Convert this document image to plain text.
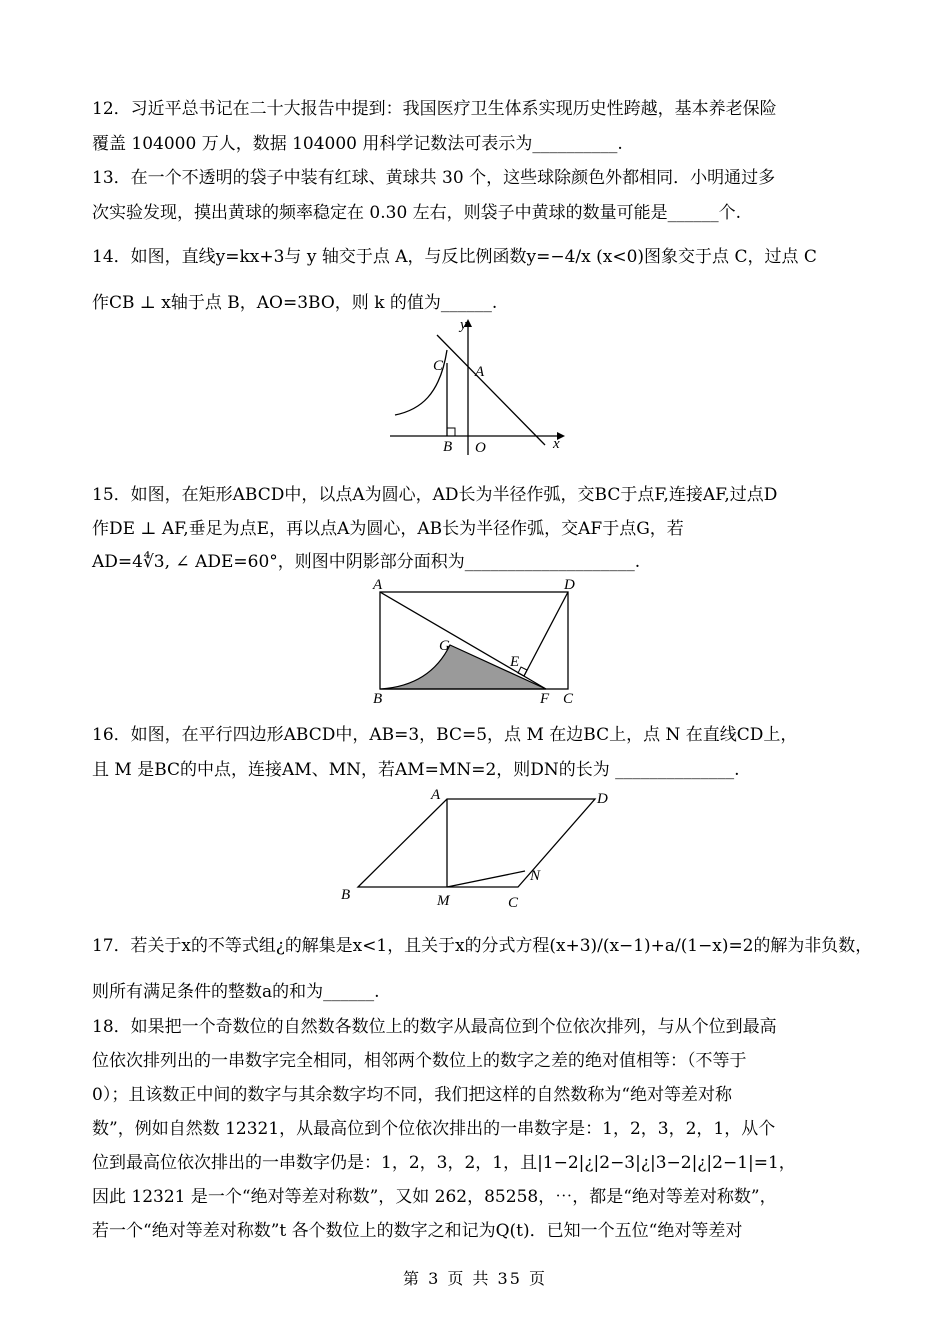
12．习近平总书记在二十大报告中提到：我国医疗卫生体系实现历史性跨越，基本养老保险
覆盖 104000 万人，数据 104000 用科学记数法可表示为__________.
13．在一个不透明的袋子中装有红球、黄球共 30 个，这些球除颜色外都相同．小明通过多
次实验发现，摸出黄球的频率稳定在 0.30 左右，则袋子中黄球的数量可能是______个.
14．如图，直线y=kx+3与 y 轴交于点 A，与反比例函数y=−4/x (x<0)图象交于点 C，过点 C
作CB ⊥ x轴于点 B，AO=3BO，则 k 的值为______.
y
x
C A
B O
15．如图，在矩形ABCD中，以点A为圆心，AD长为半径作弧，交BC于点F,连接AF,过点D
作DE ⊥ AF,垂足为点E，再以点A为圆心，AB长为半径作弧，交AF于点G，若
AD=4∜3, ∠ ADE=60°，则图中阴影部分面积为____________________.
A	D
G
E
B	F C
16．如图，在平行四边形ABCD中，AB=3，BC=5，点 M 在边BC上，点 N 在直线CD上，
且 M 是BC的中点，连接AM、MN，若AM=MN=2，则DN的长为 ______________.
A	D
B	M	C
N
17．若关于x的不等式组¿的解集是x<1，且关于x的分式方程(x+3)/(x−1)+a/(1−x)=2的解为非负数，
则所有满足条件的整数a的和为______.
18．如果把一个奇数位的自然数各数位上的数字从最高位到个位依次排列，与从个位到最高
位依次排列出的一串数字完全相同，相邻两个数位上的数字之差的绝对值相等：（不等于
0）；且该数正中间的数字与其余数字均不同，我们把这样的自然数称为“绝对等差对称
数”，例如自然数 12321，从最高位到个位依次排出的一串数字是：1，2，3，2，1，从个
位到最高位依次排出的一串数字仍是：1，2，3，2，1，且|1−2|¿|2−3|¿|3−2|¿|2−1|=1，
因此 12321 是一个“绝对等差对称数”，又如 262，85258，⋯，都是“绝对等差对称数”，
若一个“绝对等差对称数”t 各个数位上的数字之和记为Q(t)．已知一个五位“绝对等差对
第 3 页 共 35 页
